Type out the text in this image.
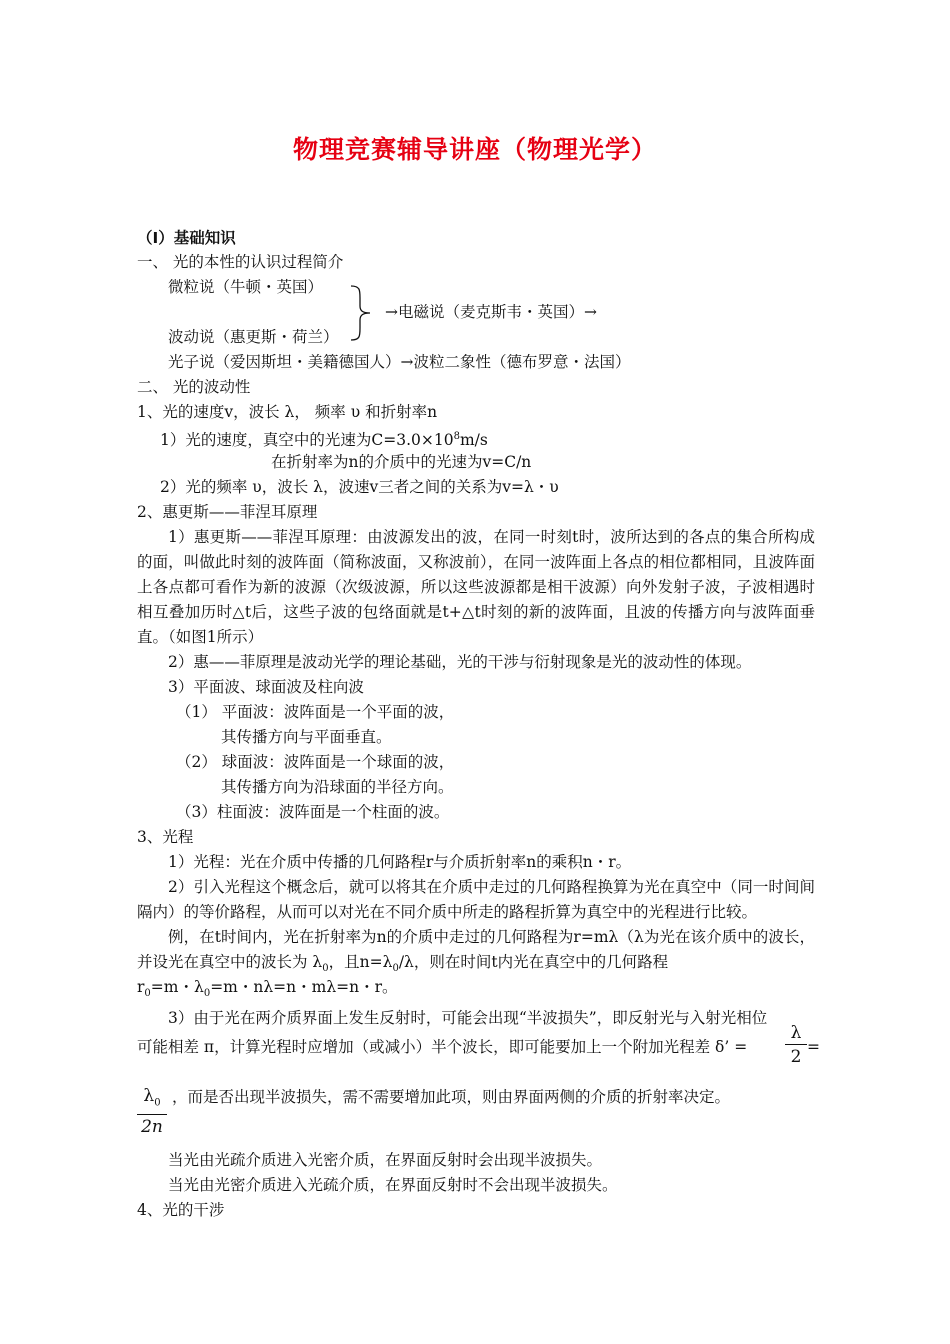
物理竞赛辅导讲座（物理光学）
（Ⅰ）基础知识
一、 光的本性的认识过程简介
微粒说（牛顿・英国）
波动说（惠更斯・荷兰）
→电磁说（麦克斯韦・英国）→
光子说（爱因斯坦・美籍德国人）→波粒二象性（德布罗意・法国）
二、 光的波动性
1、光的速度v，波长 λ， 频率 υ 和折射率n
1）光的速度，真空中的光速为$C=3.0\times 10^8m/s$
在折射率为n的介质中的光速为v=C/n
2）光的频率 υ，波长 λ，波速v三者之间的关系为v=λ・υ
2、惠更斯——菲涅耳原理
1）惠更斯——菲涅耳原理：由波源发出的波，在同一时刻t时，波所达到的各点的集合所构成的面，叫做此时刻的波阵面（简称波面，又称波前），在同一波阵面上各点的相位都相同，且波阵面上各点都可看作为新的波源（次级波源，所以这些波源都是相干波源）向外发射子波，子波相遇时相互叠加历时△t后，这些子波的包络面就是t+△t时刻的新的波阵面，且波的传播方向与波阵面垂直。（如图1所示）
2）惠——菲原理是波动光学的理论基础，光的干涉与衍射现象是光的波动性的体现。
3）平面波、球面波及柱向波
（1） 平面波：波阵面是一个平面的波，
其传播方向与平面垂直。
（2） 球面波：波阵面是一个球面的波，
其传播方向为沿球面的半径方向。
（3）柱面波：波阵面是一个柱面的波。
3、光程
1）光程：光在介质中传播的几何路程r与介质折射率n的乘积n・r。
2）引入光程这个概念后，就可以将其在介质中走过的几何路程换算为光在真空中（同一时间间隔内）的等价路程，从而可以对光在不同介质中所走的路程折算为真空中的光程进行比较。
例，在t时间内，光在折射率为n的介质中走过的几何路程为r=mλ（λ为光在该介质中的波长，并设光在真空中的波长为 $\lambda_0$，且$n=\lambda_0/\lambda$，则在时间t内光在真空中的几何路程
$r_0=m$・$\lambda_0=m$・nλ=n・mλ=n・r。
3）由于光在两介质界面上发生反射时，可能会出现“半波损失”，即反射光与入射光相位
可能相差 π，计算光程时应增加（或减小）半个波长，即可能要加上一个附加光程差 δ’ =
λ
2 =
$\lambda_0$
2n
，而是否出现半波损失，需不需要增加此项，则由界面两侧的介质的折射率决定。
当光由光疏介质进入光密介质，在界面反射时会出现半波损失。
当光由光密介质进入光疏介质，在界面反射时不会出现半波损失。
4、光的干涉
